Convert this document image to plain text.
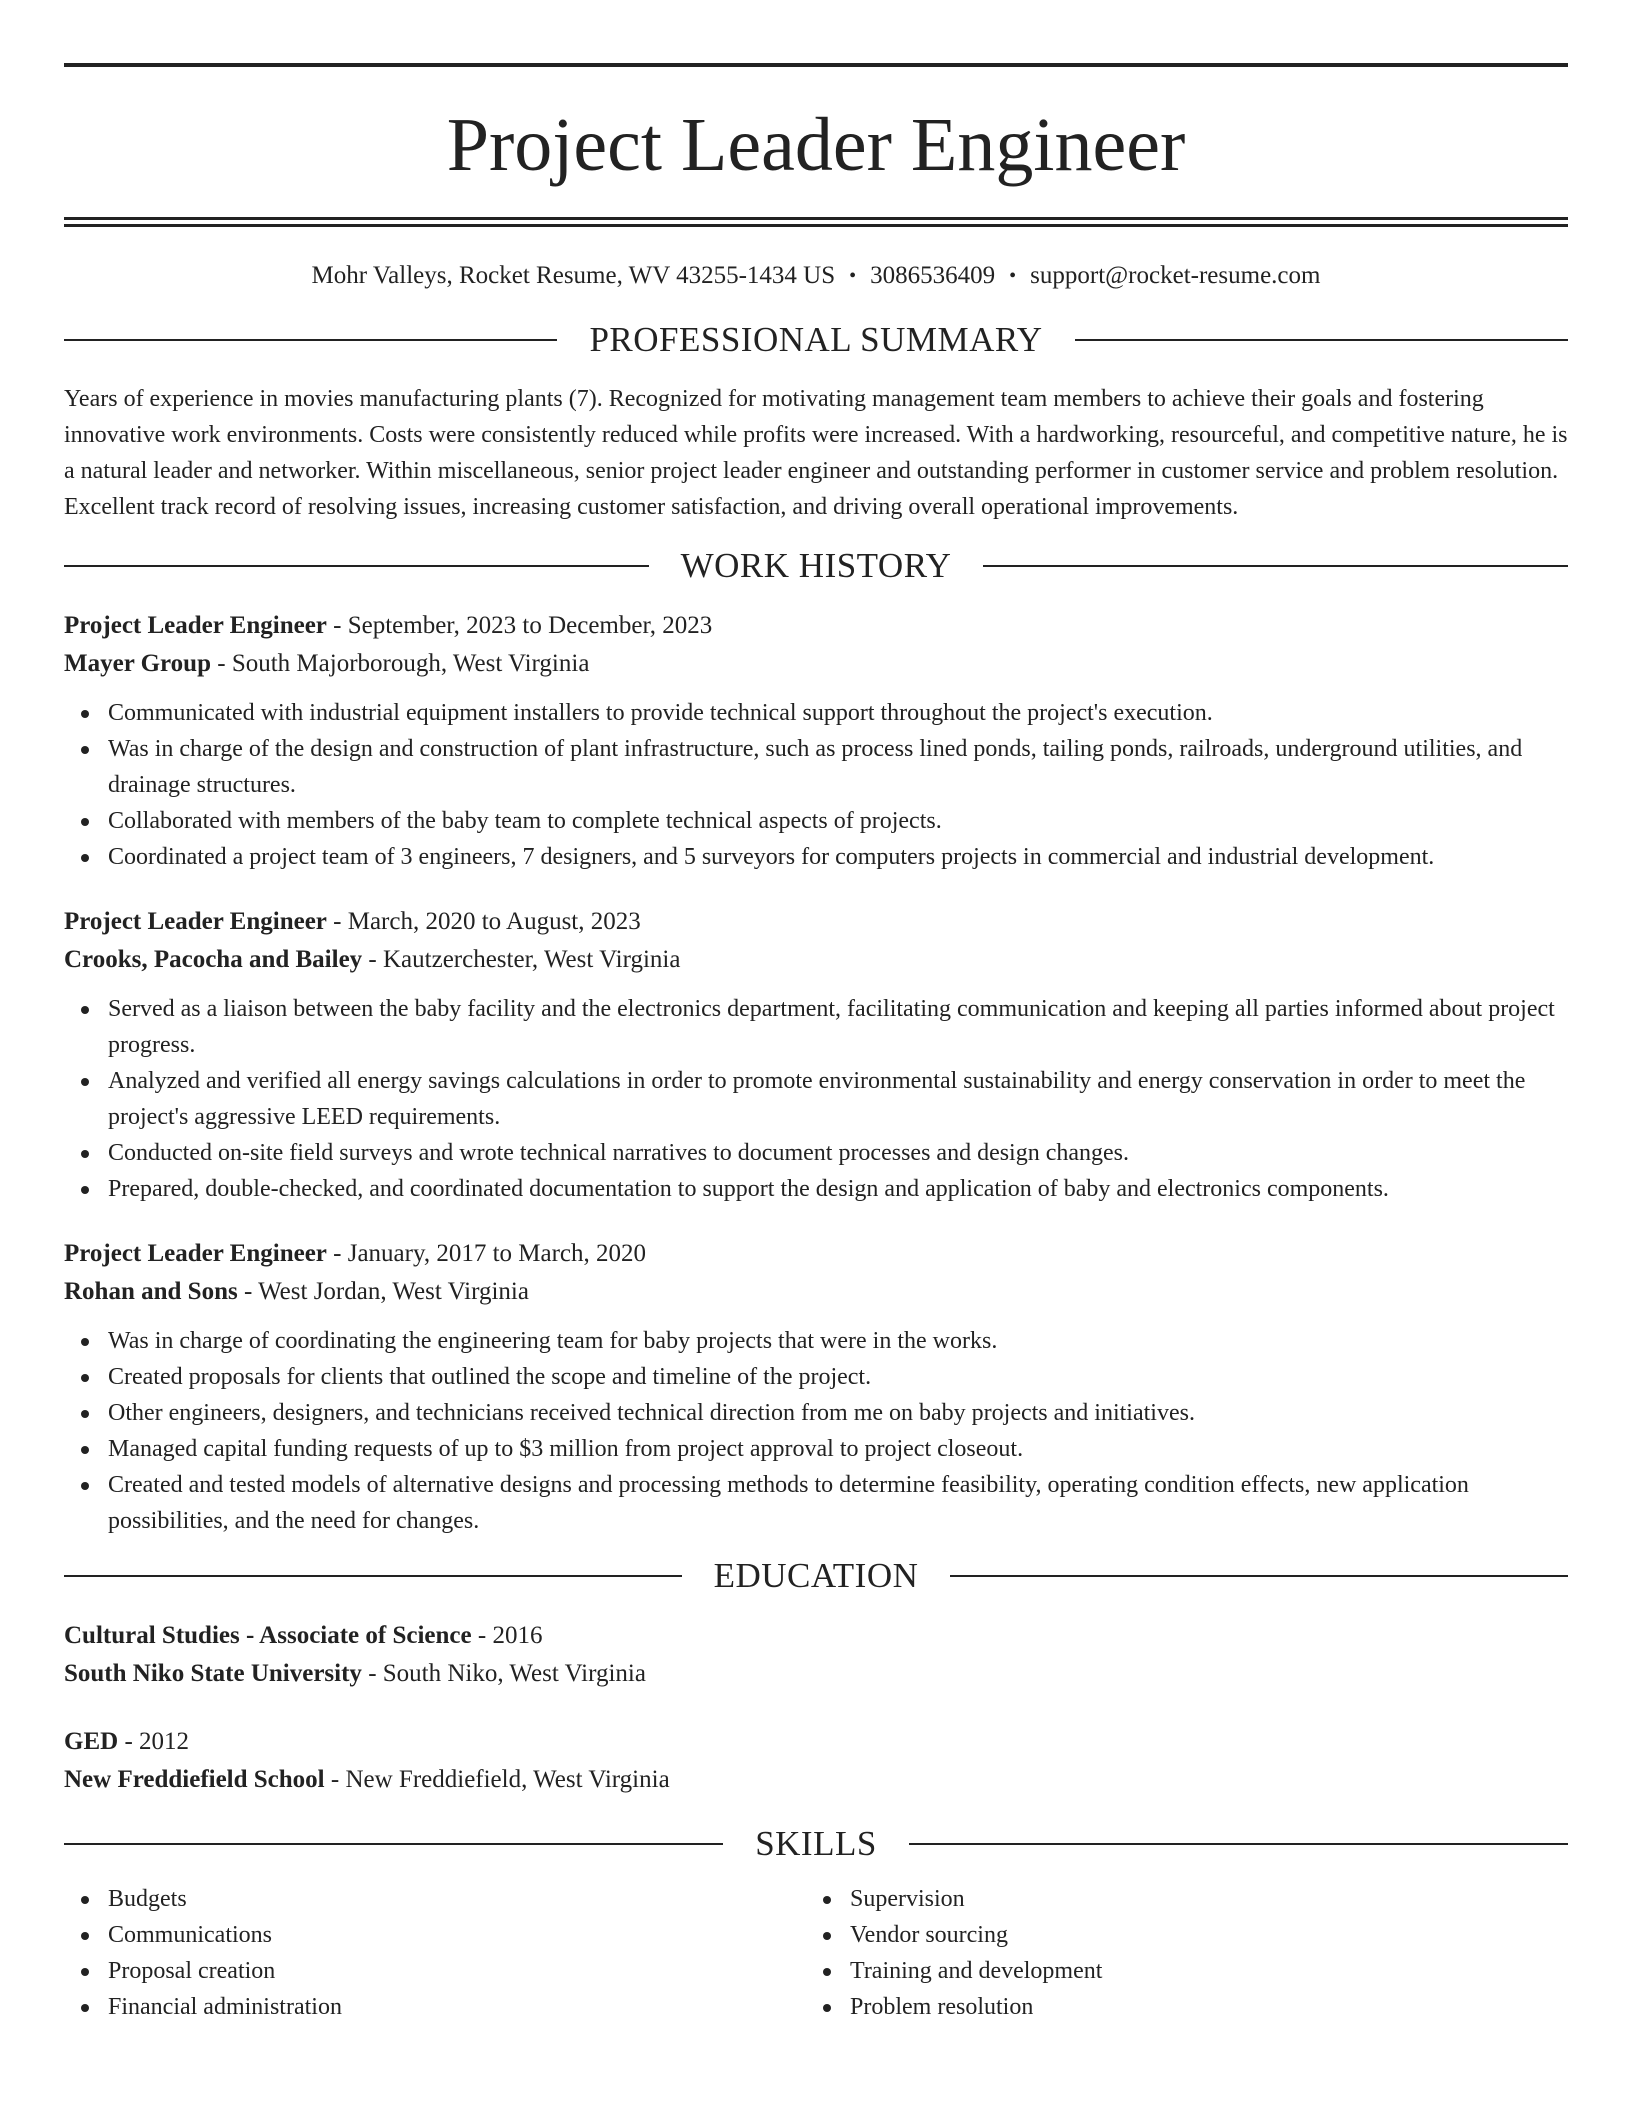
Project Leader Engineer
Mohr Valleys, Rocket Resume, WV 43255-1434 US • 3086536409 • support@rocket-resume.com
PROFESSIONAL SUMMARY

Years of experience in movies manufacturing plants (7). Recognized for motivating management team members to achieve their goals and fostering innovative work environments. Costs were consistently reduced while profits were increased. With a hardworking, resourceful, and competitive nature, he is a natural leader and networker. Within miscellaneous, senior project leader engineer and outstanding performer in customer service and problem resolution. Excellent track record of resolving issues, increasing customer satisfaction, and driving overall operational improvements.

WORK HISTORY

Project Leader Engineer - September, 2023 to December, 2023

Mayer Group - South Majorborough, West Virginia

Communicated with industrial equipment installers to provide technical support throughout the project's execution.
Was in charge of the design and construction of plant infrastructure, such as process lined ponds, tailing ponds, railroads, underground utilities, and drainage structures.
Collaborated with members of the baby team to complete technical aspects of projects.
Coordinated a project team of 3 engineers, 7 designers, and 5 surveyors for computers projects in commercial and industrial development.

Project Leader Engineer - March, 2020 to August, 2023

Crooks, Pacocha and Bailey - Kautzerchester, West Virginia

Served as a liaison between the baby facility and the electronics department, facilitating communication and keeping all parties informed about project progress.
Analyzed and verified all energy savings calculations in order to promote environmental sustainability and energy conservation in order to meet the project's aggressive LEED requirements.
Conducted on-site field surveys and wrote technical narratives to document processes and design changes.
Prepared, double-checked, and coordinated documentation to support the design and application of baby and electronics components.

Project Leader Engineer - January, 2017 to March, 2020

Rohan and Sons - West Jordan, West Virginia

Was in charge of coordinating the engineering team for baby projects that were in the works.
Created proposals for clients that outlined the scope and timeline of the project.
Other engineers, designers, and technicians received technical direction from me on baby projects and initiatives.
Managed capital funding requests of up to $3 million from project approval to project closeout.
Created and tested models of alternative designs and processing methods to determine feasibility, operating condition effects, new application possibilities, and the need for changes.
EDUCATION

Cultural Studies - Associate of Science - 2016

South Niko State University - South Niko, West Virginia

GED - 2012

New Freddiefield School - New Freddiefield, West Virginia

SKILLS
Budgets
Communications
Proposal creation
Financial administration
Supervision
Vendor sourcing
Training and development
Problem resolution
